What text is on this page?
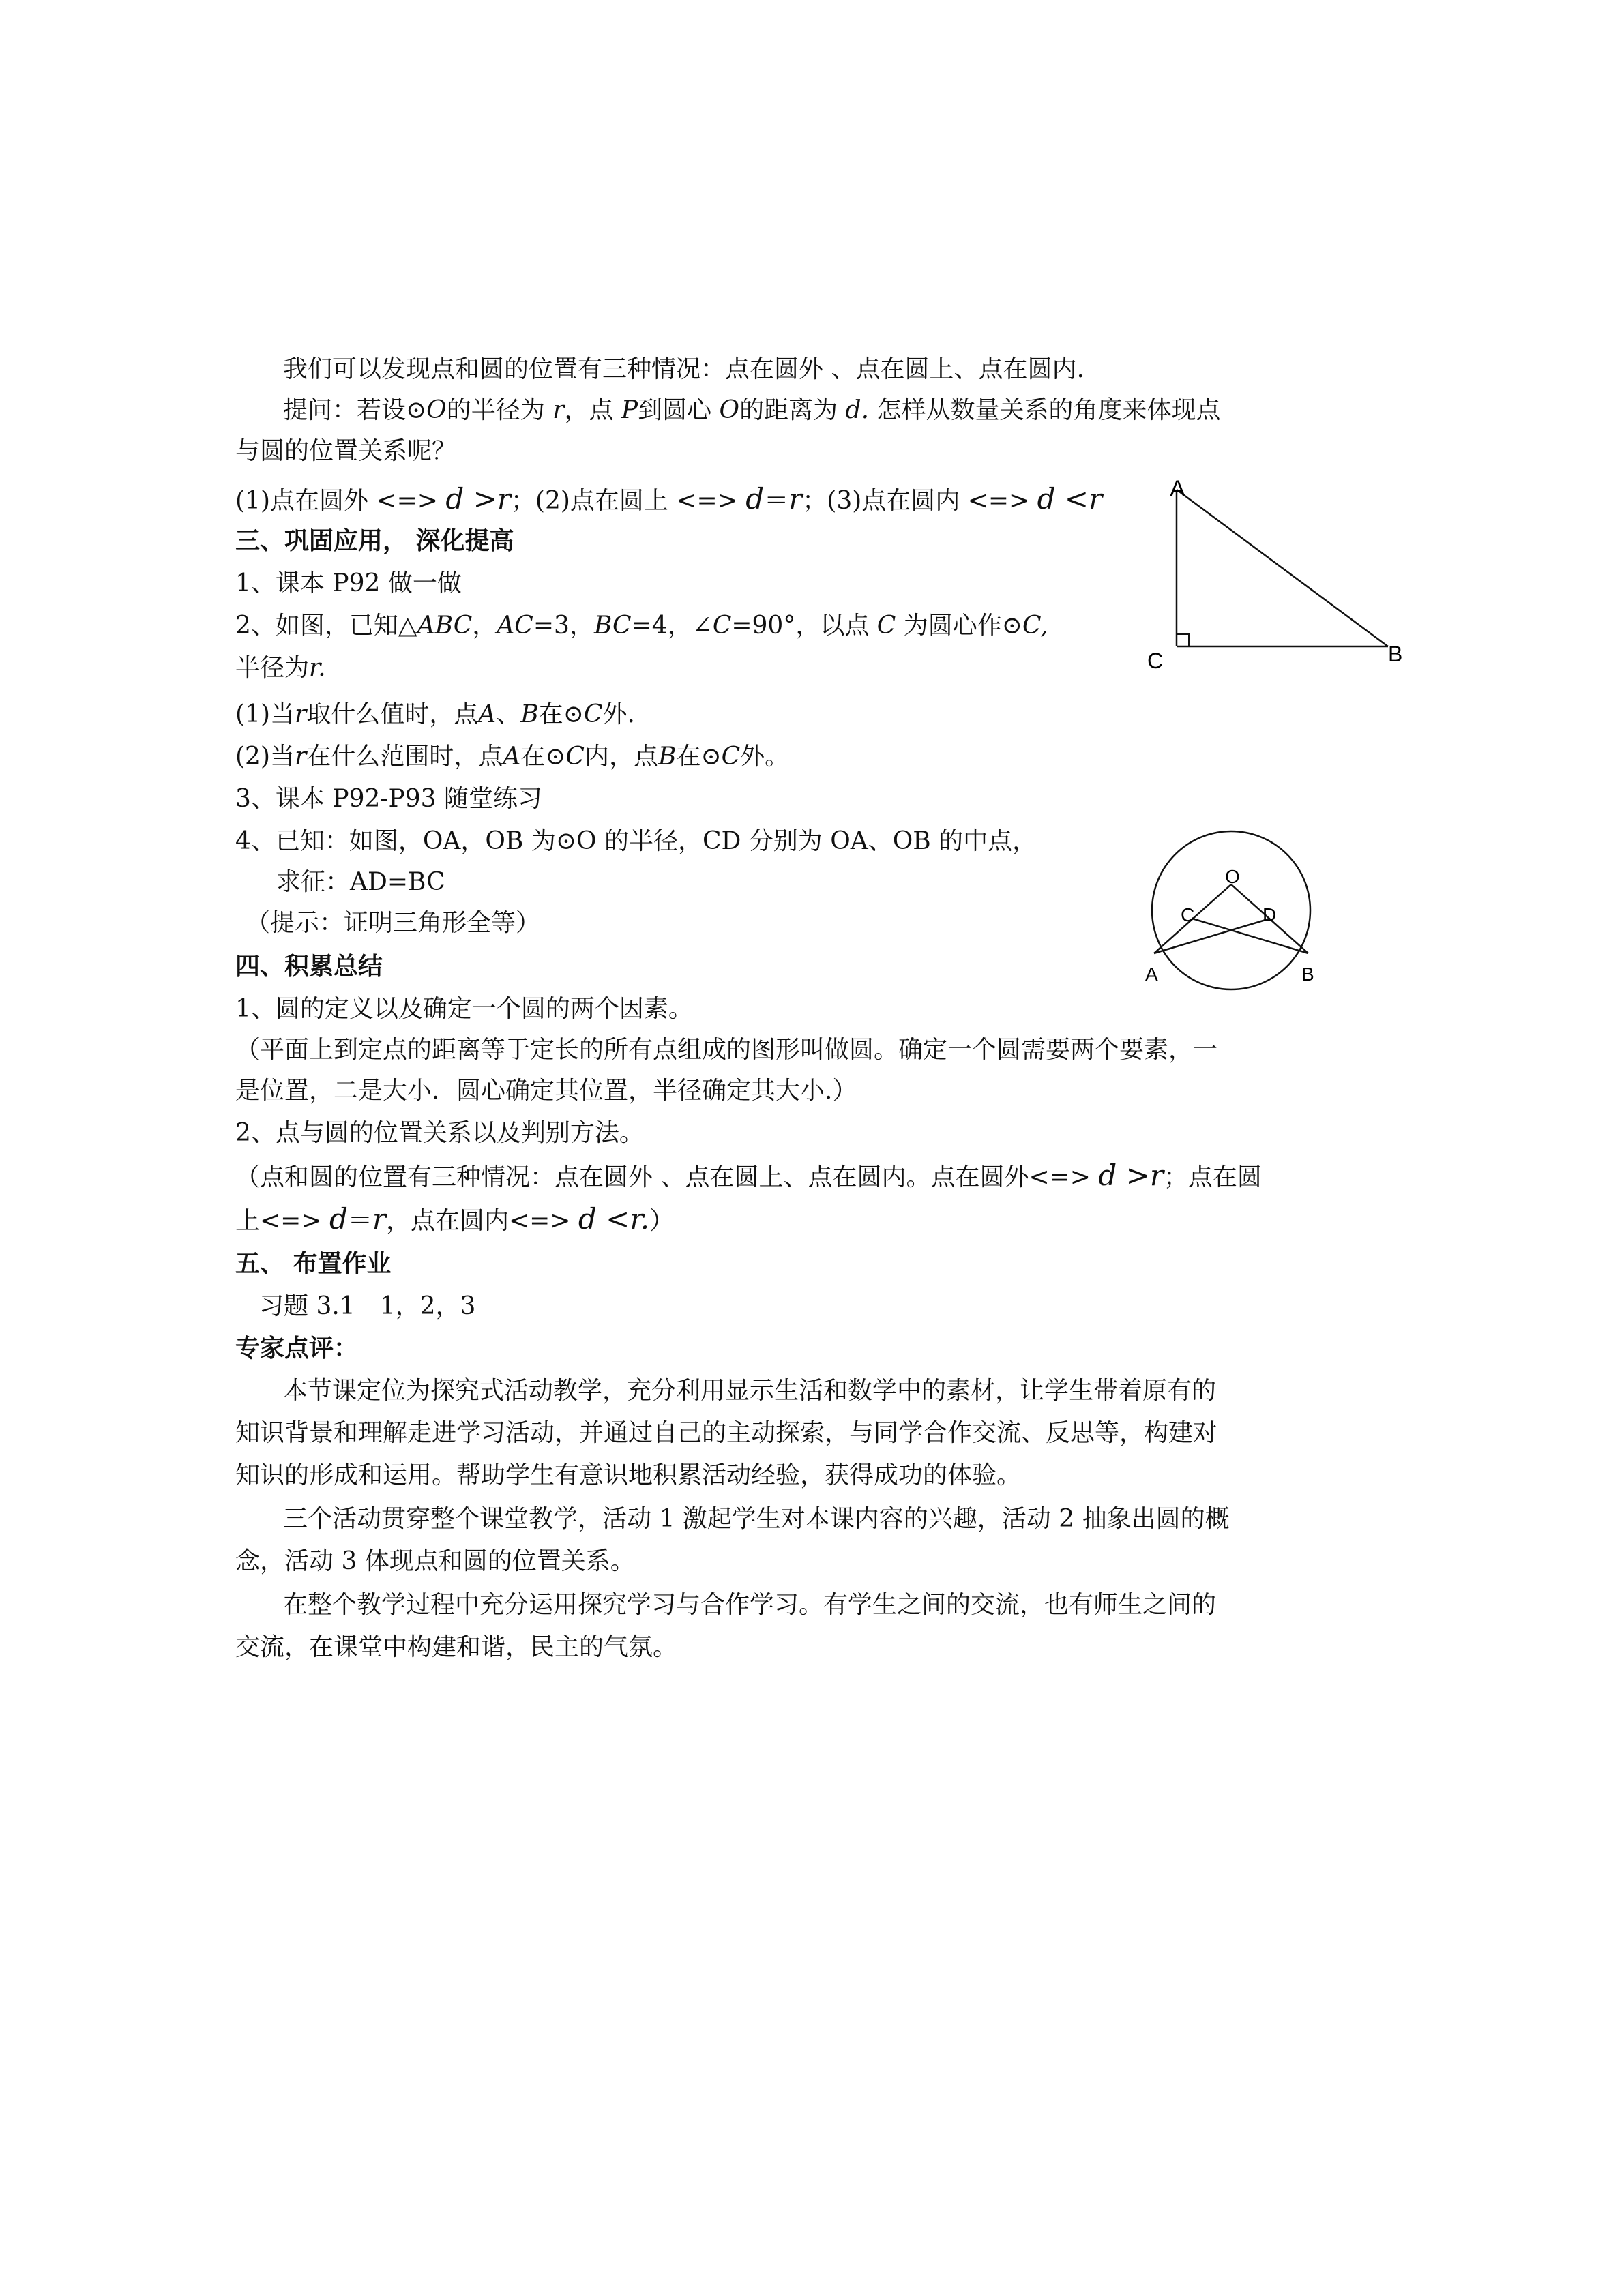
我们可以发现点和圆的位置有三种情况：点在圆外 、点在圆上、点在圆内.
提问：若设⊙O的半径为 r，点 P到圆心 O的距离为 d. 怎样从数量关系的角度来体现点
与圆的位置关系呢？
(1)点在圆外 <=> d >r；(2)点在圆上 <=> d＝r；(3)点在圆内 <=> d <r
三、巩固应用， 深化提高
1、课本 P92 做一做
2、如图，已知△ABC，AC=3，BC=4，∠C=90°，以点 C 为圆心作⊙C,
半径为r.
(1)当r取什么值时，点A、B在⊙C外.
(2)当r在什么范围时，点A在⊙C内，点B在⊙C外。
3、课本 P92-P93 随堂练习
4、已知：如图，OA，OB 为⊙O 的半径，CD 分别为 OA、OB 的中点，
求征：AD=BC
（提示：证明三角形全等）
四、积累总结
1、圆的定义以及确定一个圆的两个因素。
（平面上到定点的距离等于定长的所有点组成的图形叫做圆。确定一个圆需要两个要素，一
是位置，二是大小．圆心确定其位置，半径确定其大小.）
2、点与圆的位置关系以及判别方法。
（点和圆的位置有三种情况：点在圆外 、点在圆上、点在圆内。点在圆外<=> d >r；点在圆
上<=> d＝r，点在圆内<=> d <r.）
五、 布置作业
习题 3.1　1，2，3
专家点评：
本节课定位为探究式活动教学，充分利用显示生活和数学中的素材，让学生带着原有的
知识背景和理解走进学习活动，并通过自己的主动探索，与同学合作交流、反思等，构建对
知识的形成和运用。帮助学生有意识地积累活动经验，获得成功的体验。
三个活动贯穿整个课堂教学，活动 1 激起学生对本课内容的兴趣，活动 2 抽象出圆的概
念，活动 3 体现点和圆的位置关系。
在整个教学过程中充分运用探究学习与合作学习。有学生之间的交流，也有师生之间的
交流，在课堂中构建和谐，民主的气氛。
A
C	B
O
C	D
A	B
